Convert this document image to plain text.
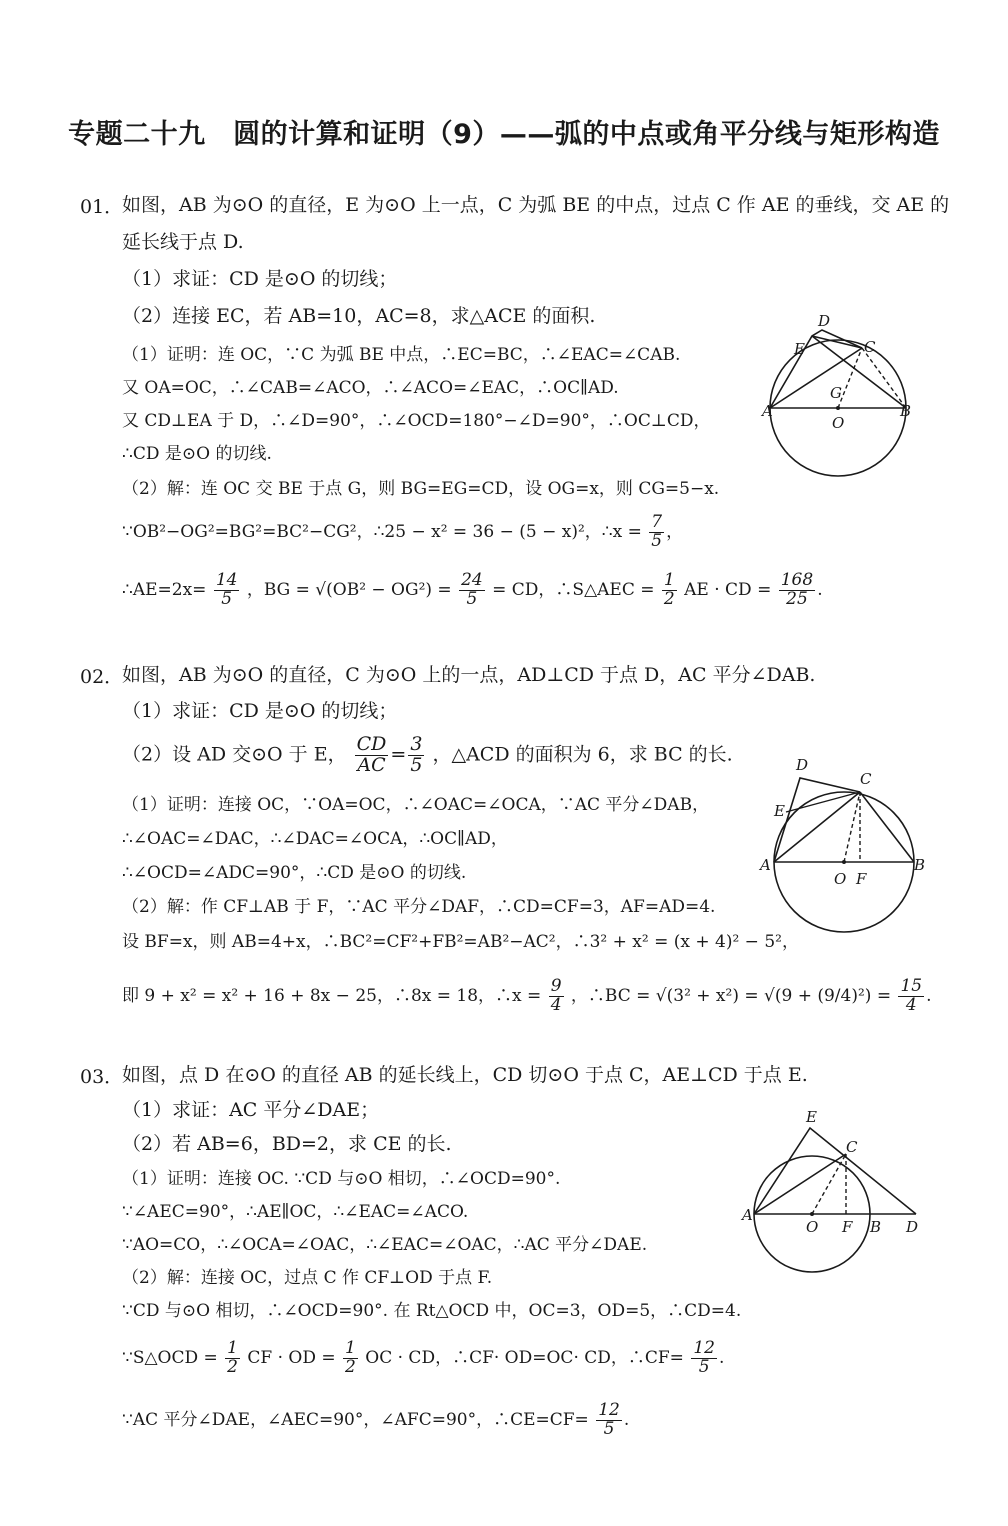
专题二十九　圆的计算和证明（9）——弧的中点或角平分线与矩形构造
01．
如图，AB 为⊙O 的直径，E 为⊙O 上一点，C 为弧 BE 的中点，过点 C 作 AE 的垂线，交 AE 的
延长线于点 D.
（1）求证：CD 是⊙O 的切线；
（2）连接 EC，若 AB=10，AC=8，求△ACE 的面积.
（1）证明：连 OC，∵C 为弧 BE 中点，∴EC=BC，∴∠EAC=∠CAB.
又 OA=OC，∴∠CAB=∠ACO，∴∠ACO=∠EAC，∴OC∥AD.
又 CD⊥EA 于 D，∴∠D=90°，∴∠OCD=180°−∠D=90°，∴OC⊥CD，
∴CD 是⊙O 的切线.
（2）解：连 OC 交 BE 于点 G，则 BG=EG=CD，设 OG=x，则 CG=5−x.
∵OB²−OG²=BG²=BC²−CG²，∴25 − x² = 36 − (5 − x)²，∴x = $\frac{7}{5}$ ，
∴AE=2x= $\frac{14}{5}$ ，BG = $√(OB^2 - OG^2) = \frac{24}{5}$ = CD，∴S△AEC = $\frac{1}{2}$ AE · CD = $\frac{168}{25}$ .
D
E	C
G
A
O
B
02．
如图，AB 为⊙O 的直径，C 为⊙O 上的一点，AD⊥CD 于点 D，AC 平分∠DAB.
（1）求证：CD 是⊙O 的切线；
（2）设 AD 交⊙O 于 E， $\frac{CD}{AC} = \frac{3}{5}$ ，△ACD 的面积为 6，求 BC 的长.
（1）证明：连接 OC，∵OA=OC，∴∠OAC=∠OCA，∵AC 平分∠DAB，
∴∠OAC=∠DAC，∴∠DAC=∠OCA，∴OC∥AD，
∴∠OCD=∠ADC=90°，∴CD 是⊙O 的切线.
（2）解：作 CF⊥AB 于 F，∵AC 平分∠DAF，∴CD=CF=3，AF=AD=4.
设 BF=x，则 AB=4+x，∴BC²=CF²+FB²=AB²−AC²，∴3² + x² = (x + 4)² − 5²，
即 9 + x² = x² + 16 + 8x − 25，∴8x = 18，∴x = $\frac{9}{4}$ ，∴BC = $√(3^2 + x^2) = √(9 + (9/4)^2) = \frac{15}{4}$ .
D
C
E
A
O F
B
03．
如图，点 D 在⊙O 的直径 AB 的延长线上，CD 切⊙O 于点 C，AE⊥CD 于点 E.
（1）求证：AC 平分∠DAE；
（2）若 AB=6，BD=2，求 CE 的长.
（1）证明：连接 OC. ∵CD 与⊙O 相切，∴∠OCD=90°.
∵∠AEC=90°，∴AE∥OC，∴∠EAC=∠ACO.
∵AO=CO，∴∠OCA=∠OAC，∴∠EAC=∠OAC，∴AC 平分∠DAE.
（2）解：连接 OC，过点 C 作 CF⊥OD 于点 F.
∵CD 与⊙O 相切，∴∠OCD=90°. 在 Rt△OCD 中，OC=3，OD=5，∴CD=4.
∵S△OCD = $\frac{1}{2}$ CF · OD = $\frac{1}{2}$ OC · CD，∴CF· OD=OC· CD，∴CF= $\frac{12}{5}$ .
∵AC 平分∠DAE，∠AEC=90°，∠AFC=90°，∴CE=CF= $\frac{12}{5}$ .
E
C
A
O F B D
